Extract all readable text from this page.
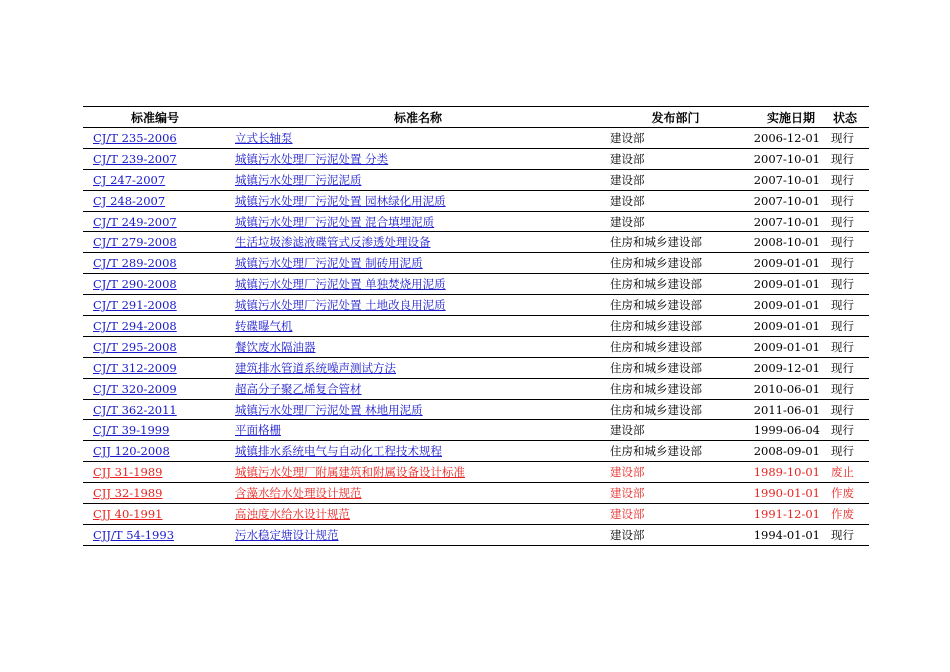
标准编号	标准名称	发布部门	实施日期	状态
CJ/T 235-2006	立式长轴泵	建设部	2006-12-01	现行
CJ/T 239-2007	城镇污水处理厂污泥处置 分类	建设部	2007-10-01	现行
CJ 247-2007	城镇污水处理厂污泥泥质	建设部	2007-10-01	现行
CJ 248-2007	城镇污水处理厂污泥处置 园林绿化用泥质	建设部	2007-10-01	现行
CJ/T 249-2007	城镇污水处理厂污泥处置 混合填埋泥质	建设部	2007-10-01	现行
CJ/T 279-2008	生活垃圾渗滤液碟管式反渗透处理设备	住房和城乡建设部	2008-10-01	现行
CJ/T 289-2008	城镇污水处理厂污泥处置 制砖用泥质	住房和城乡建设部	2009-01-01	现行
CJ/T 290-2008	城镇污水处理厂污泥处置 单独焚烧用泥质	住房和城乡建设部	2009-01-01	现行
CJ/T 291-2008	城镇污水处理厂污泥处置 土地改良用泥质	住房和城乡建设部	2009-01-01	现行
CJ/T 294-2008	转碟曝气机	住房和城乡建设部	2009-01-01	现行
CJ/T 295-2008	餐饮废水隔油器	住房和城乡建设部	2009-01-01	现行
CJ/T 312-2009	建筑排水管道系统噪声测试方法	住房和城乡建设部	2009-12-01	现行
CJ/T 320-2009	超高分子聚乙烯复合管材	住房和城乡建设部	2010-06-01	现行
CJ/T 362-2011	城镇污水处理厂污泥处置 林地用泥质	住房和城乡建设部	2011-06-01	现行
CJ/T 39-1999	平面格栅	建设部	1999-06-04	现行
CJJ 120-2008	城镇排水系统电气与自动化工程技术规程	住房和城乡建设部	2008-09-01	现行
CJJ 31-1989	城镇污水处理厂附属建筑和附属设备设计标准	建设部	1989-10-01	废止
CJJ 32-1989	含藻水给水处理设计规范	建设部	1990-01-01	作废
CJJ 40-1991	高浊度水给水设计规范	建设部	1991-12-01	作废
CJJ/T 54-1993	污水稳定塘设计规范	建设部	1994-01-01	现行
